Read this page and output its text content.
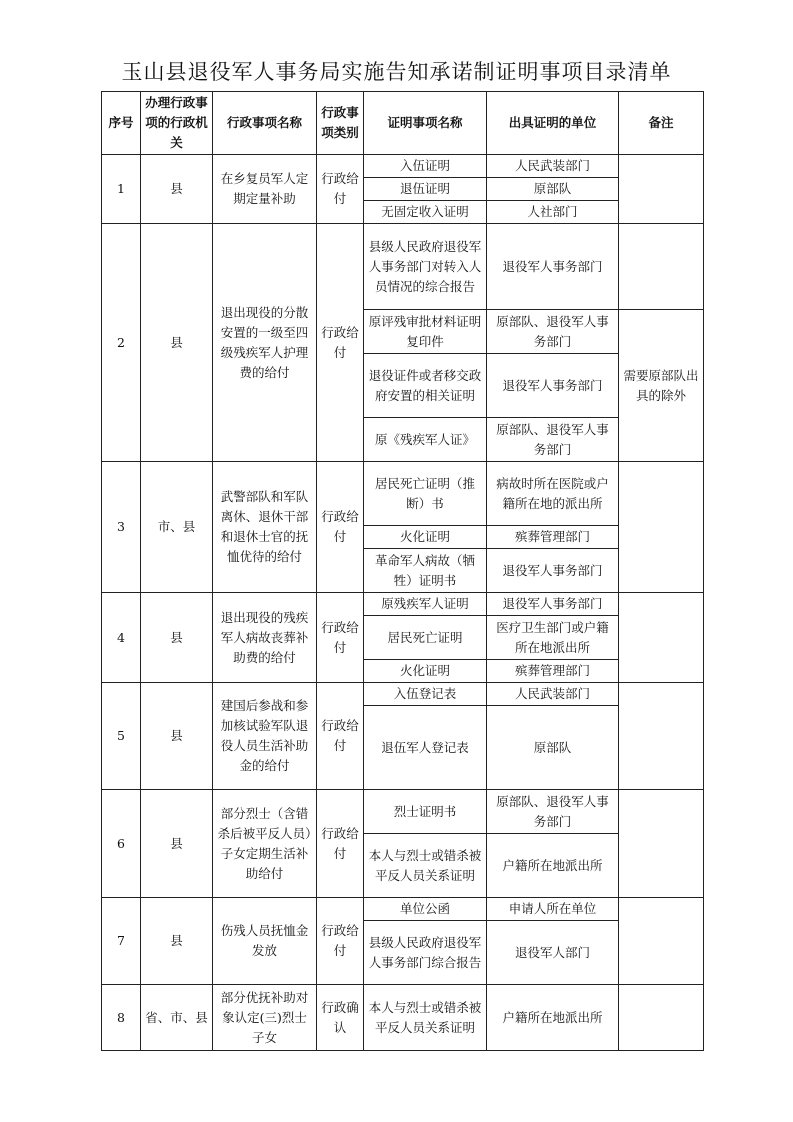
玉山县退役军人事务局实施告知承诺制证明事项目录清单
序号	办理行政事项的行政机关	行政事项名称	行政事项类别	证明事项名称	出具证明的单位	备注
1	县	在乡复员军人定期定量补助	行政给付	入伍证明	人民武装部门	
				退伍证明	原部队	
				无固定收入证明	人社部门	
2	县	退出现役的分散安置的一级至四级残疾军人护理费的给付	行政给付	县级人民政府退役军人事务部门对转入人员情况的综合报告	退役军人事务部门	
				原评残审批材料证明复印件	原部队、退役军人事务部门	需要原部队出具的除外
				退役证件或者移交政府安置的相关证明	退役军人事务部门	
				原《残疾军人证》	原部队、退役军人事务部门	
3	市、县	武警部队和军队离休、退休干部和退休士官的抚恤优待的给付	行政给付	居民死亡证明（推断）书	病故时所在医院或户籍所在地的派出所	
				火化证明	殡葬管理部门	
				革命军人病故（牺牲）证明书	退役军人事务部门	
4	县	退出现役的残疾军人病故丧葬补助费的给付	行政给付	原残疾军人证明	退役军人事务部门	
				居民死亡证明	医疗卫生部门或户籍所在地派出所	
				火化证明	殡葬管理部门	
5	县	建国后参战和参加核试验军队退役人员生活补助金的给付	行政给付	入伍登记表	人民武装部门	
				退伍军人登记表	原部队	
6	县	部分烈士（含错杀后被平反人员）子女定期生活补助给付	行政给付	烈士证明书	原部队、退役军人事务部门	
				本人与烈士或错杀被平反人员关系证明	户籍所在地派出所	
7	县	伤残人员抚恤金发放	行政给付	单位公函	申请人所在单位	
				县级人民政府退役军人事务部门综合报告	退役军人部门	
8	省、市、县	部分优抚补助对象认定(三)烈士子女	行政确认	本人与烈士或错杀被平反人员关系证明	户籍所在地派出所	
